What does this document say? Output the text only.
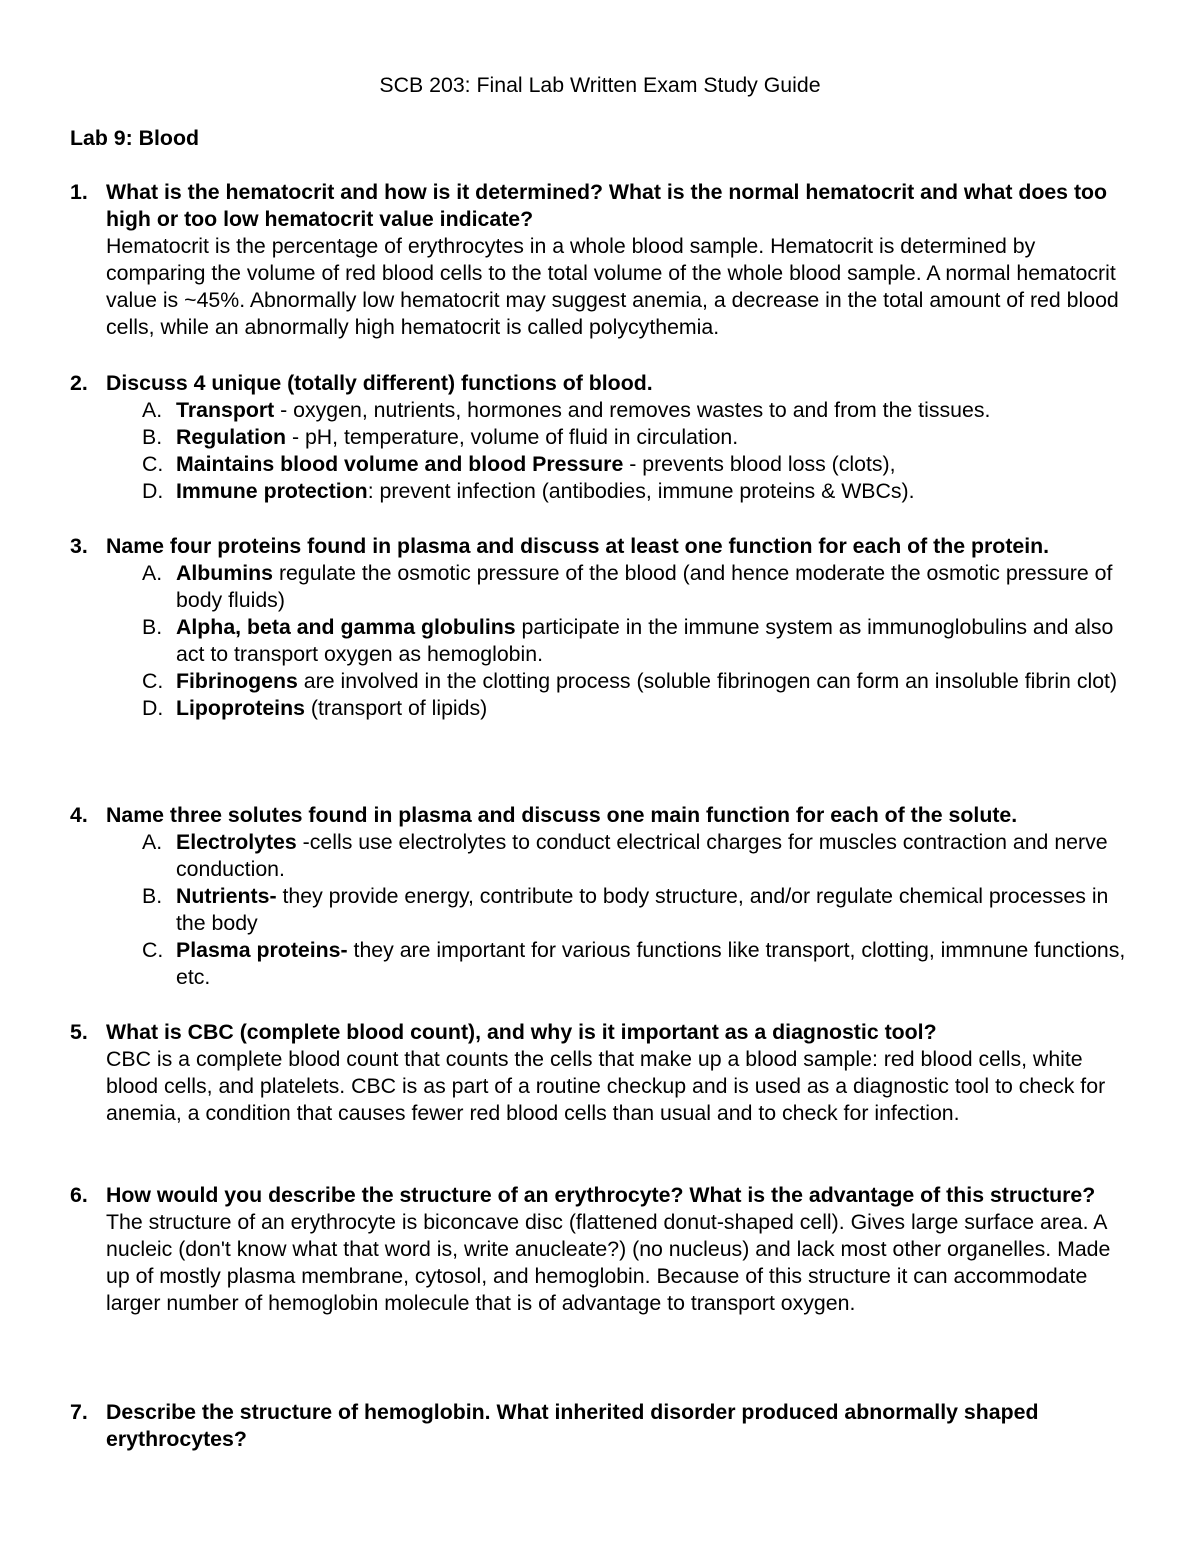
SCB 203: Final Lab Written Exam Study Guide
Lab 9: Blood
1. What is the hematocrit and how is it determined? What is the normal hematocrit and what does too high or too low hematocrit value indicate?
Hematocrit is the percentage of erythrocytes in a whole blood sample. Hematocrit is determined by comparing the volume of red blood cells to the total volume of the whole blood sample. A normal hematocrit value is ~45%. Abnormally low hematocrit may suggest anemia, a decrease in the total amount of red blood cells, while an abnormally high hematocrit is called polycythemia.
2. Discuss 4 unique (totally different) functions of blood.
A. Transport - oxygen, nutrients, hormones and removes wastes to and from the tissues.
B. Regulation - pH, temperature, volume of fluid in circulation.
C. Maintains blood volume and blood Pressure - prevents blood loss (clots),
D. Immune protection: prevent infection (antibodies, immune proteins & WBCs).
3. Name four proteins found in plasma and discuss at least one function for each of the protein.
A. Albumins regulate the osmotic pressure of the blood (and hence moderate the osmotic pressure of body fluids)
B. Alpha, beta and gamma globulins participate in the immune system as immunoglobulins and also act to transport oxygen as hemoglobin.
C. Fibrinogens are involved in the clotting process (soluble fibrinogen can form an insoluble fibrin clot)
D. Lipoproteins (transport of lipids)
4. Name three solutes found in plasma and discuss one main function for each of the solute.
A. Electrolytes -cells use electrolytes to conduct electrical charges for muscles contraction and nerve conduction.
B. Nutrients- they provide energy, contribute to body structure, and/or regulate chemical processes in the body
C. Plasma proteins- they are important for various functions like transport, clotting, immnune functions, etc.
5. What is CBC (complete blood count), and why is it important as a diagnostic tool?
CBC is a complete blood count that counts the cells that make up a blood sample: red blood cells, white blood cells, and platelets. CBC is as part of a routine checkup and is used as a diagnostic tool to check for anemia, a condition that causes fewer red blood cells than usual and to check for infection.
6. How would you describe the structure of an erythrocyte? What is the advantage of this structure?
The structure of an erythrocyte is biconcave disc (flattened donut-shaped cell). Gives large surface area. A nucleic (don't know what that word is, write anucleate?) (no nucleus) and lack most other organelles. Made up of mostly plasma membrane, cytosol, and hemoglobin. Because of this structure it can accommodate larger number of hemoglobin molecule that is of advantage to transport oxygen.
7. Describe the structure of hemoglobin. What inherited disorder produced abnormally shaped erythrocytes?
